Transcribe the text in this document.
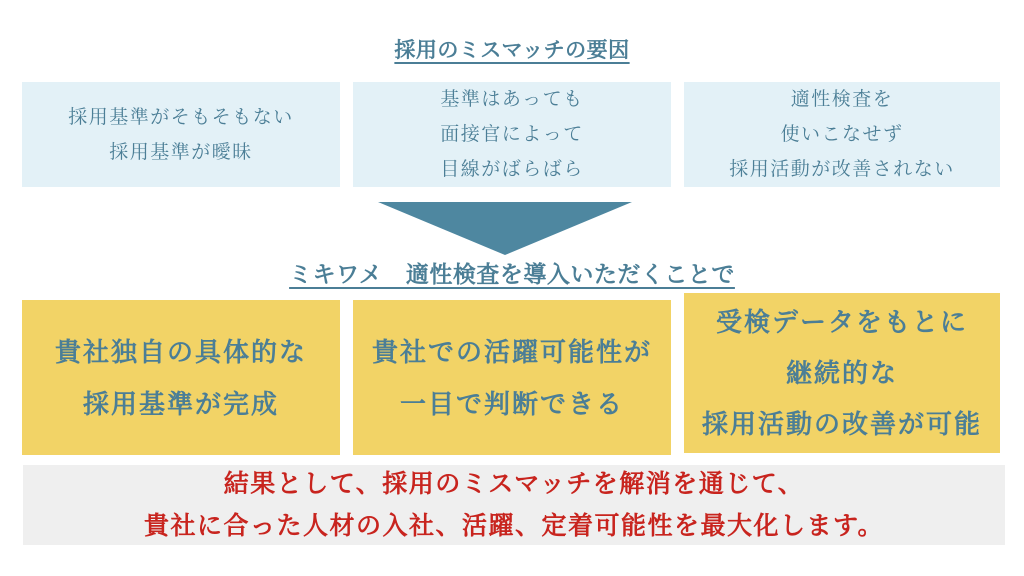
採用のミスマッチの要因
採用基準がそもそもない
採用基準が曖昧
基準はあっても
面接官によって
目線がばらばら
適性検査を
使いこなせず
採用活動が改善されない
ミキワメ　適性検査を導入いただくことで
貴社独自の具体的な
採用基準が完成
貴社での活躍可能性が
一目で判断できる
受検データをもとに
継続的な
採用活動の改善が可能
結果として、採用のミスマッチを解消を通じて、
貴社に合った人材の入社、活躍、定着可能性を最大化します。
